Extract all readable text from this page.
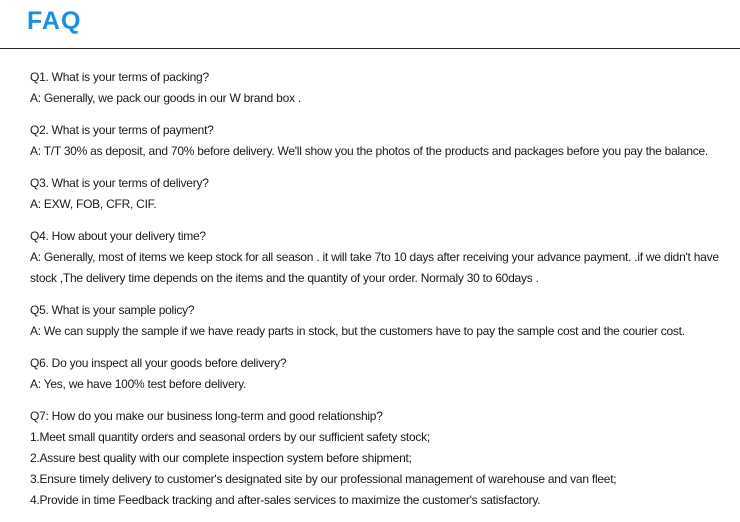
FAQ
Q1. What is your terms of packing?
A: Generally, we pack our goods in our W brand box .
Q2. What is your terms of payment?
A: T/T 30% as deposit, and 70% before delivery. We'll show you the photos of the products and packages before you pay the balance.
Q3. What is your terms of delivery?
A: EXW, FOB, CFR, CIF.
Q4. How about your delivery time?
A: Generally, most of items we keep stock for all season . it will take 7to 10 days after receiving your advance payment. .if we didn't have stock ,The delivery time depends on the items and the quantity of your order. Normaly 30 to 60days .
Q5. What is your sample policy?
A: We can supply the sample if we have ready parts in stock, but the customers have to pay the sample cost and the courier cost.
Q6. Do you inspect all your goods before delivery?
A: Yes, we have 100% test before delivery.
Q7: How do you make our business long-term and good relationship?
1.Meet small quantity orders and seasonal orders by our sufficient safety stock;
2.Assure best quality with our complete inspection system before shipment;
3.Ensure timely delivery to customer's designated site by our professional management of warehouse and van fleet;
4.Provide in time Feedback tracking and after-sales services to maximize the customer's satisfactory.
